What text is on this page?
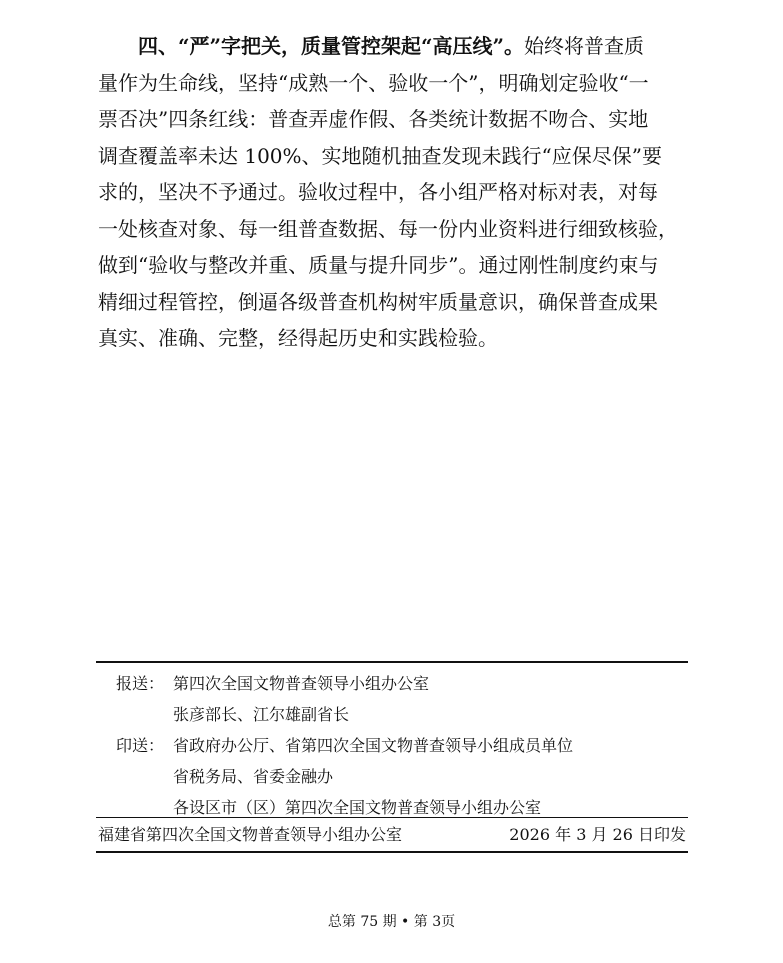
四、“严”字把关，质量管控架起“高压线”。始终将普查质
量作为生命线，坚持“成熟一个、验收一个”，明确划定验收“一
票否决”四条红线：普查弄虚作假、各类统计数据不吻合、实地
调查覆盖率未达 100%、实地随机抽查发现未践行“应保尽保”要
求的，坚决不予通过。验收过程中，各小组严格对标对表，对每
一处核查对象、每一组普查数据、每一份内业资料进行细致核验，
做到“验收与整改并重、质量与提升同步”。通过刚性制度约束与
精细过程管控，倒逼各级普查机构树牢质量意识，确保普查成果
真实、准确、完整，经得起历史和实践检验。
报送： 第四次全国文物普查领导小组办公室
张彦部长、江尔雄副省长
印送： 省政府办公厅、省第四次全国文物普查领导小组成员单位
省税务局、省委金融办
各设区市（区）第四次全国文物普查领导小组办公室
福建省第四次全国文物普查领导小组办公室	2026 年 3 月 26 日印发
总第 75 期 • 第 3页
